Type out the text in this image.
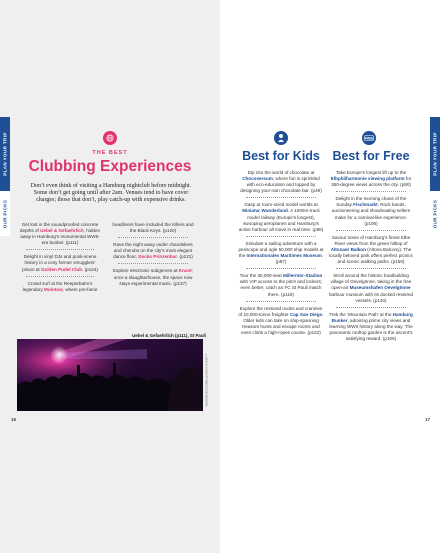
PLAN YOUR TRIP
OUR PICKS
PLAN YOUR TRIP
OUR PICKS
THE BEST
Clubbing Experiences
Don’t even think of visiting a Hamburg nightclub before midnight. Some don’t get going until after 2am. Venues tend to have cover charges; those that don’t, play catch-up with expensive drinks.
Get lost in the soundproofed concrete depths of Uebel & Gefaehrlich, hidden away in Hamburg’s monumental WWII-era bunker. (p111)
Delight in vinyl DJs and punk-scene history in a cosy former smugglers’ prison at Golden Pudel Club. (p124)
Crowd surf at the Reeperbahn’s legendary Molotow, where pre-fame
headliners have included the Killers and the Black Keys. (p120)
Rave the night away under chandeliers and cherubs on the city’s most elegant dance floor, Docks Prinzenbar. (p121)
Explore electronic subgenres at Knust; once a slaughterhouse, the space now stays experimental music. (p137)
Uebel & Gefaehrlich (p111), St Pauli
ANDREW MCCONNELL/LONELY PLANET ©
16
FREE
Best for Kids	Best for Free
Dip into the world of chocolate at Chocoversum, where fun is sprinkled with eco-education and topped by designing your own chocolate bar. (p49)
Gasp at room-sized model worlds at Miniatur Wunderland. A 1000m-track model railway (Europe’s longest), swooping aeroplanes and Hamburg’s active harbour all move in real time. (p88)
Simulate a sailing adventure with a periscope and ogle 50,000 ship models at the Internationales Maritimes Museum. (p87)
Tour the 30,000-seat Millerntor-Stadion with VIP access to the pitch and lockers; even better, catch an FC St Pauli match there. (p119)
Explore the restored nooks and crannies of 10,000-tonne freighter Cap San Diego. Older kids can take on ship-spanning treasure hunts and escape rooms and even climb a high-ropes course. (p122)
Take Europe’s longest lift up to the Elbphilharmonie viewing platform for 360-degree views across the city. (p90)
Delight in the morning chaos of the Sunday Fischmarkt. Rock bands, auctioneering and showboating sellers make for a carnival-like experience. (p106)
Savour some of Hamburg’s finest Elbe River views from the green hilltop of Altonaer Balkon (Altona Balcony). The locally beloved park offers perfect picnics and scenic walking paths. (p156)
Stroll around the historic boatbuilding village of Oevelgönne, taking in the free open-air Museumshafen Oevelgönne harbour museum with its docked restored vessels. (p130)
Trek the ‘Mountain Path’ at the Hamburg Bunker, admiring prime city views and learning WWII history along the way. The panoramic rooftop garden is the ascent’s satisfying reward. (p109)
17
